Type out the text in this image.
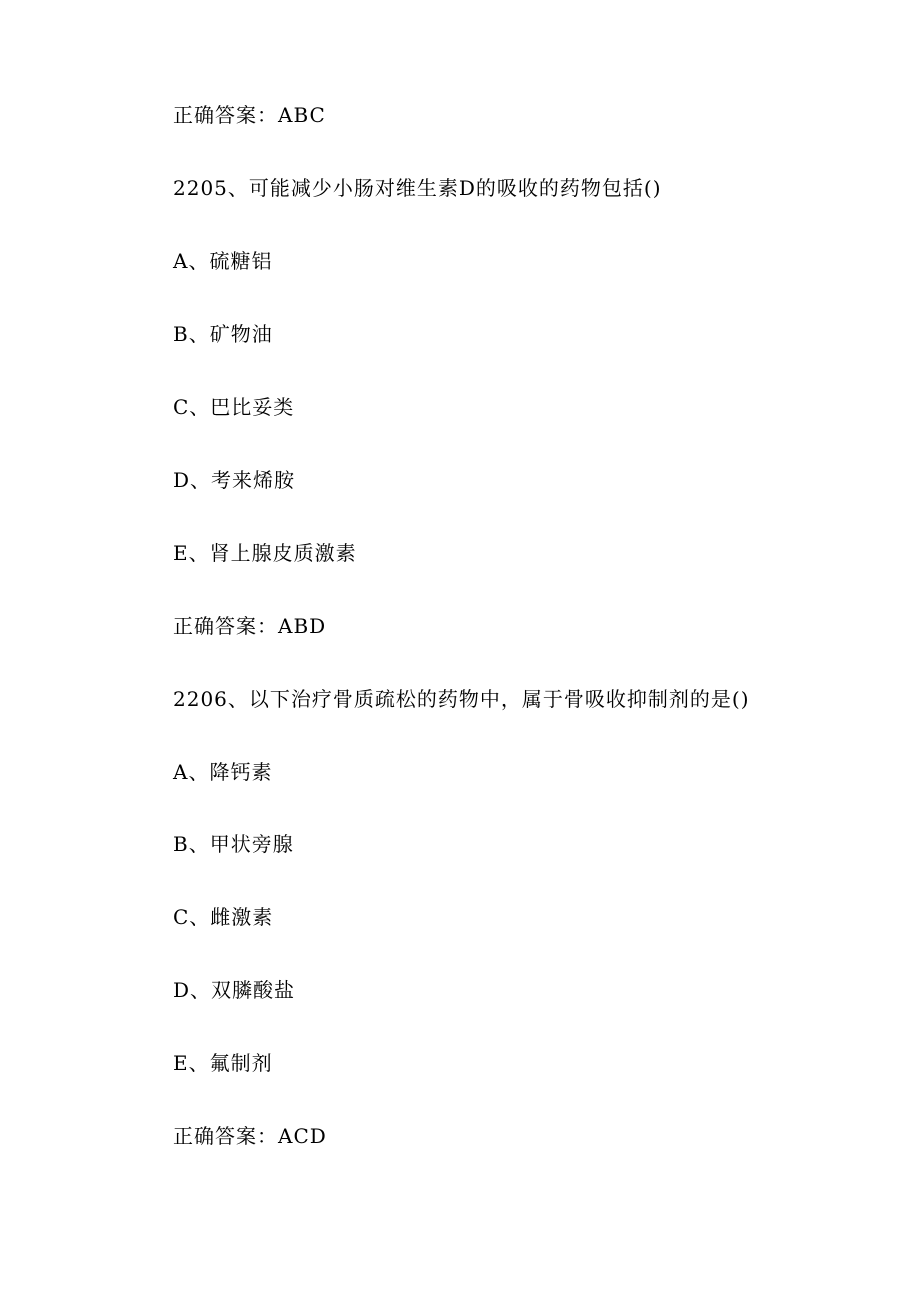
正确答案：ABC
2205、可能减少小肠对维生素D的吸收的药物包括()
A、硫糖铝
B、矿物油
C、巴比妥类
D、考来烯胺
E、肾上腺皮质激素
正确答案：ABD
2206、以下治疗骨质疏松的药物中，属于骨吸收抑制剂的是()
A、降钙素
B、甲状旁腺
C、雌激素
D、双膦酸盐
E、氟制剂
正确答案：ACD
